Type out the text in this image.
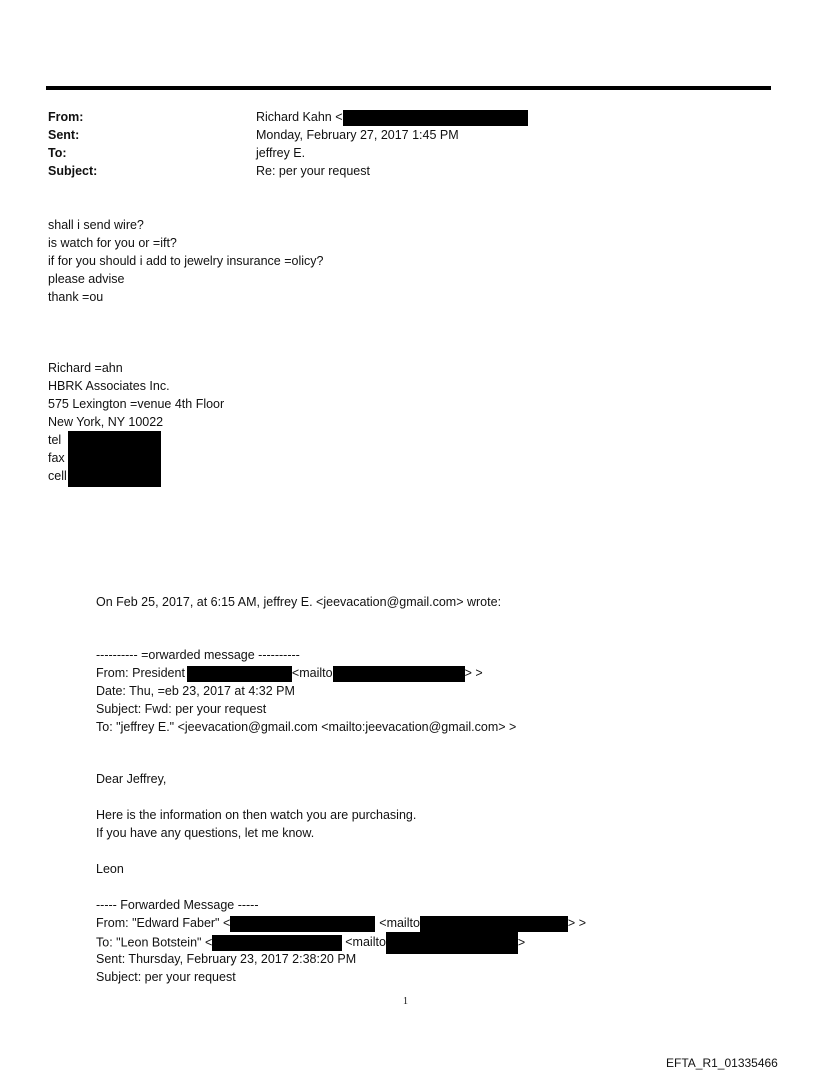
From:	Richard Kahn <
Sent:	Monday, February 27, 2017 1:45 PM
To:	jeffrey E.
Subject:	Re: per your request
shall i send wire?
is watch for you or =ift?
if for you should i add to jewelry insurance =olicy?
please advise
thank =ou
Richard =ahn
HBRK Associates Inc.
575 Lexington =venue 4th Floor
New York, NY 10022
tel
fax
cell
On Feb 25, 2017, at 6:15 AM, jeffrey E. <jeevacation@gmail.com> wrote:
---------- =orwarded message ----------
From: President	<mailto	> >
Date: Thu, =eb 23, 2017 at 4:32 PM
Subject: Fwd: per your request
To: "jeffrey E." <jeevacation@gmail.com <mailto:jeevacation@gmail.com> >
Dear Jeffrey,
Here is the information on then watch you are purchasing.
If you have any questions, let me know.
Leon
----- Forwarded Message -----
From: "Edward Faber" <	<mailto	> >
To: "Leon Botstein" <	<mailto	>
Sent: Thursday, February 23, 2017 2:38:20 PM
Subject: per your request
1
EFTA_R1_01335466
